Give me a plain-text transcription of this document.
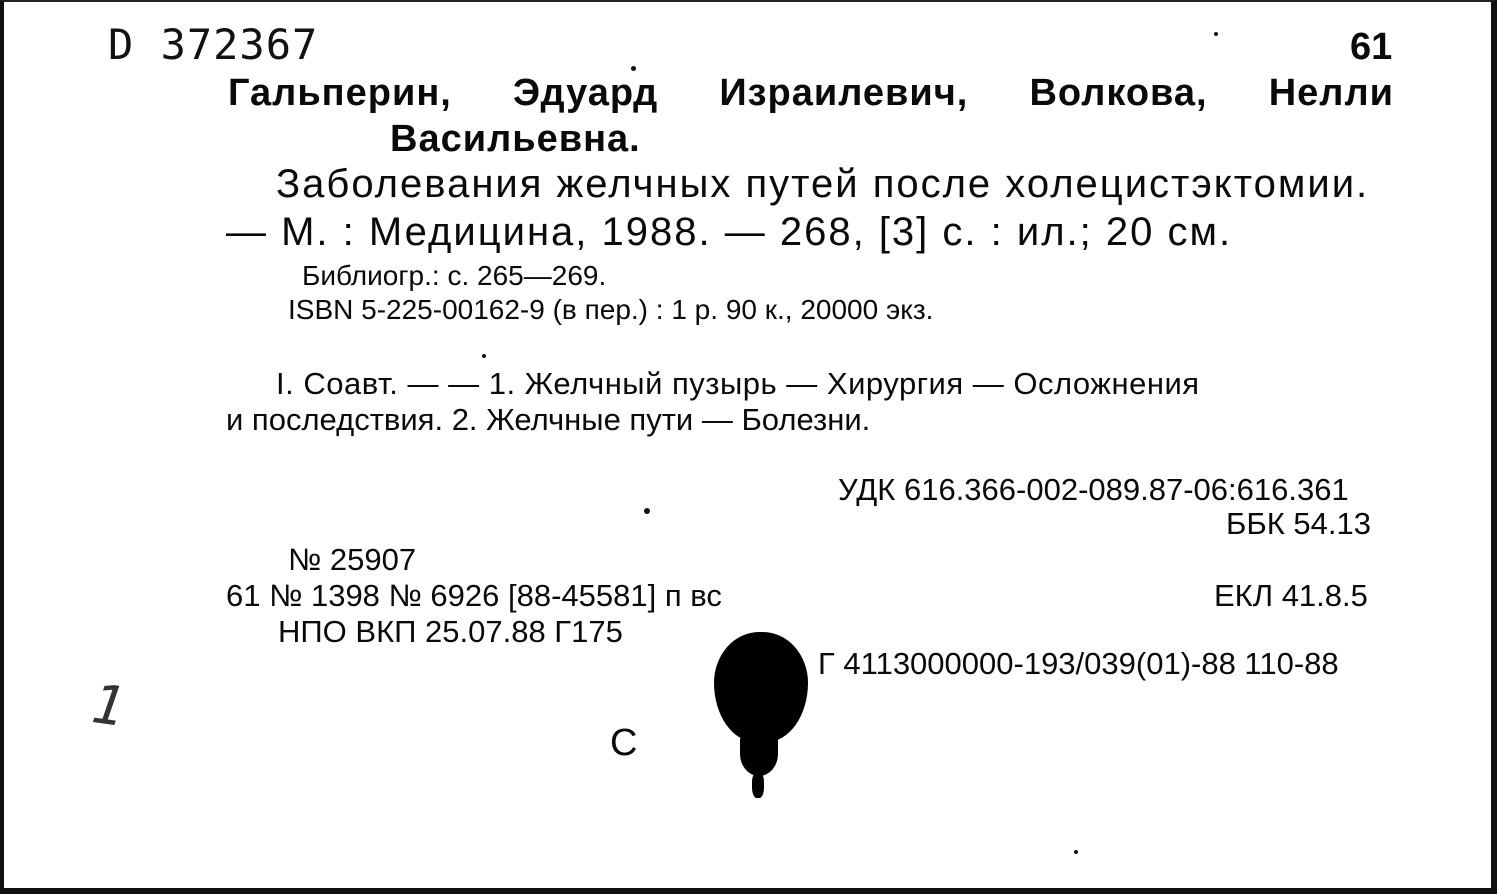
D 372367	61
Гальперин, Эдуард Израилевич, Волкова, Нелли
Васильевна.
Заболевания желчных путей после холецистэктомии.
— М. : Медицина, 1988. — 268, [3] с. : ил.; 20 см.
Библиогр.: с. 265—269.
ISBN 5-225-00162-9 (в пер.) : 1 р. 90 к., 20000 экз.
I. Соавт. — — 1. Желчный пузырь — Хирургия — Осложнения
и последствия. 2. Желчные пути — Болезни.
УДК 616.366-002-089.87-06:616.361
ББК 54.13
№ 25907
61 № 1398 № 6926 [88-45581] п вс	ЕКЛ 41.8.5
НПО ВКП 25.07.88 Г175
Г 4113000000-193/039(01)-88 110-88
1
С
